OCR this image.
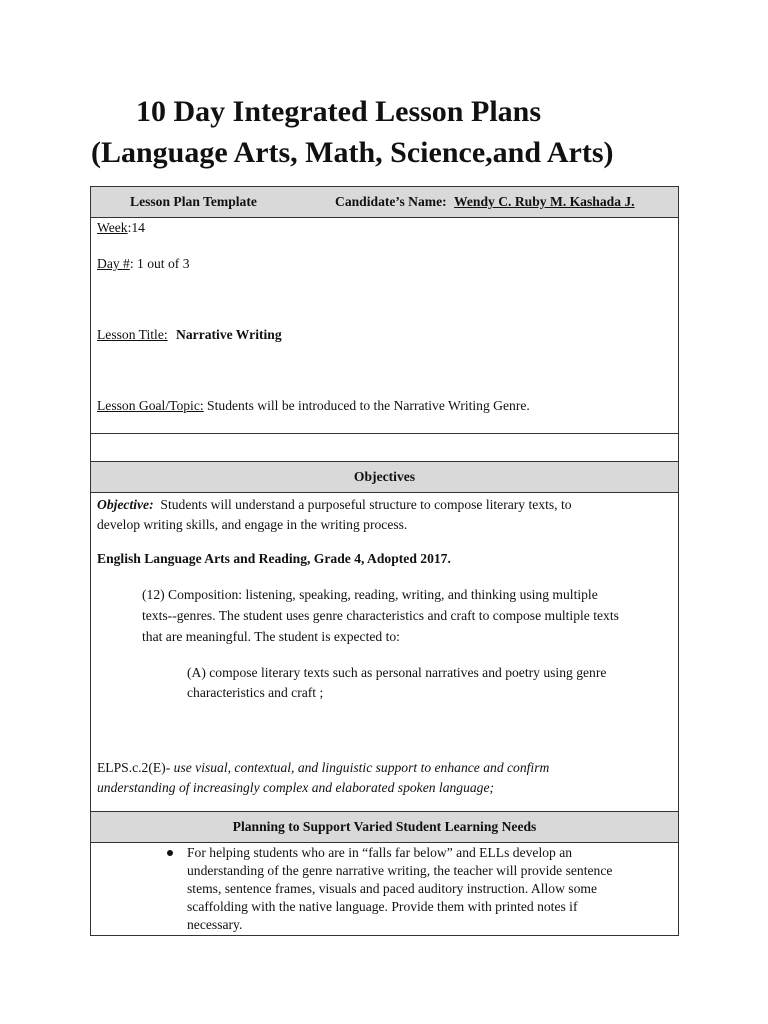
10 Day Integrated Lesson Plans
(Language Arts, Math, Science,and Arts)
Lesson Plan Template	Candidate’s Name: Wendy C. Ruby M. Kashada J.

Week:14
Day #: 1 out of 3
Lesson Title: Narrative Writing
Lesson Goal/Topic: Students will be introduced to the Narrative Writing Genre.

Objectives

Objective:  Students will understand a purposeful structure to compose literary texts, to
develop writing skills, and engage in the writing process.
English Language Arts and Reading, Grade 4, Adopted 2017.
(12) Composition: listening, speaking, reading, writing, and thinking using multiple
texts--genres. The student uses genre characteristics and craft to compose multiple texts
that are meaningful. The student is expected to:
(A) compose literary texts such as personal narratives and poetry using genre
characteristics and craft ;
ELPS.c.2(E)- use visual, contextual, and linguistic support to enhance and confirm
understanding of increasingly complex and elaborated spoken language;

Planning to Support Varied Student Learning Needs

For helping students who are in “falls far below” and ELLs develop an
understanding of the genre narrative writing, the teacher will provide sentence
stems, sentence frames, visuals and paced auditory instruction. Allow some
scaffolding with the native language. Provide them with printed notes if
necessary.
